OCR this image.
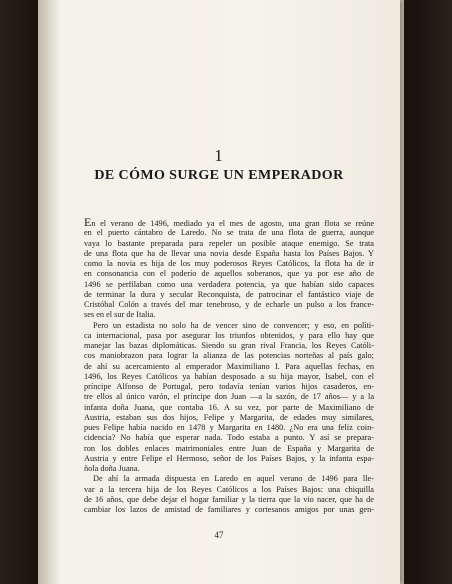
1
DE CÓMO SURGE UN EMPERADOR
En el verano de 1496, mediado ya el mes de agosto, una gran flota se reúne
en el puerto cántabro de Laredo. No se trata de una flota de guerra, aunque
vaya lo bastante preparada para repeler un posible ataque enemigo. Se trata
de una flota que ha de llevar una novia desde España hasta los Países Bajos. Y
como la novia es hija de los muy poderosos Reyes Católicos, la flota ha de ir
en consonancia con el poderío de aquellos soberanos, que ya por ese año de
1496 se perfilaban como una verdadera potencia, ya que habían sido capaces
de terminar la dura y secular Reconquista, de patrocinar el fantástico viaje de
Cristóbal Colón a través del mar tenebroso, y de echarle un pulso a los france-
ses en el sur de Italia.
Pero un estadista no solo ha de vencer sino de convencer; y eso, en políti-
ca internacional, pasa por asegurar los triunfos obtenidos, y para ello hay que
manejar las bazas diplomáticas. Siendo su gran rival Francia, los Reyes Católi-
cos maniobrazon para lograr la alianza de las potencias norteñas al país galo;
de ahí su acercamiento al emperador Maximiliano I. Para aquellas fechas, en
1496, los Reyes Católicos ya habían desposado a su hija mayor, Isabel, con el
príncipe Alfonso de Portugal, pero todavía tenían varios hijos casaderos, en-
tre ellos al único varón, el príncipe don Juan —a la sazón, de 17 años— y a la
infanta doña Juana, que contaba 16. A su vez, por parte de Maximiliano de
Austria, estaban sus dos hijos, Felipe y Margarita, de edades muy similares,
pues Felipe había nacido en 1478 y Margarita en 1480. ¿No era una feliz coin-
cidencia? No había que esperar nada. Todo estaba a punto. Y así se prepara-
ron los dobles enlaces matrimoniales entre Juan de España y Margarita de
Austria y entre Felipe el Hermoso, señor de los Países Bajos, y la infanta espa-
ñola doña Juana.
De ahí la armada dispuesta en Laredo en aquel verano de 1496 para lle-
var a la tercera hija de los Reyes Católicos a los Países Bajos: una chiquilla
de 16 años, que debe dejar el hogar familiar y la tierra que la vio nacer, que ha de
cambiar los lazos de amistad de familiares y cortesanos amigos por unas gen-
47
